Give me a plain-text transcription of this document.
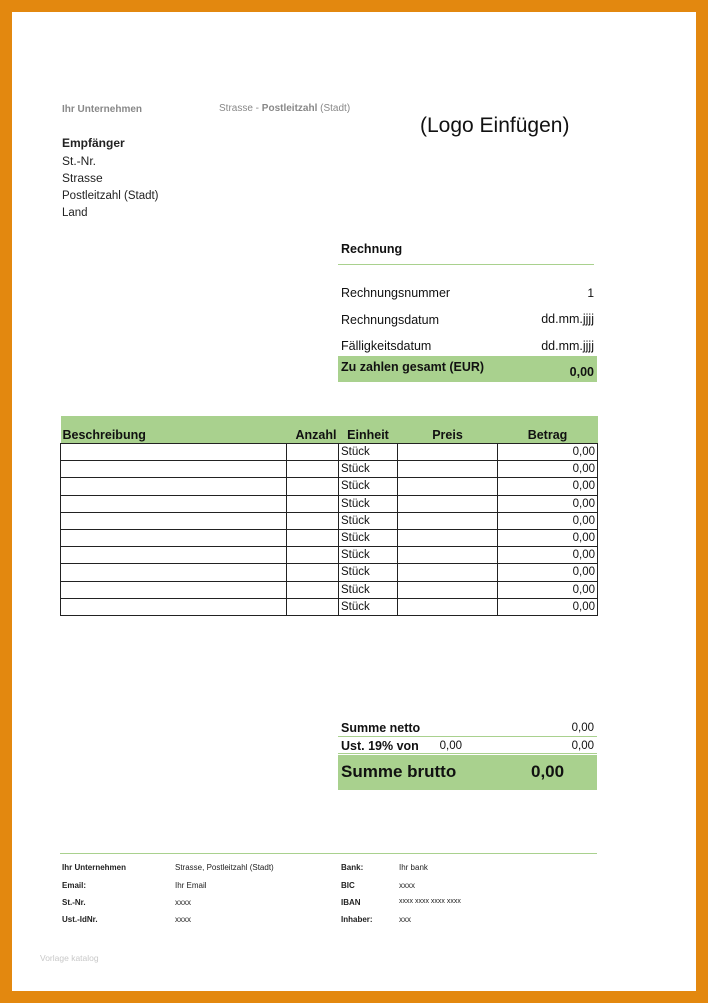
Ihr Unternehmen	Strasse - Postleitzahl (Stadt)
(Logo Einfügen)
Empfänger
St.-Nr.
Strasse
Postleitzahl (Stadt)
Land
Rechnung
Rechnungsnummer	1
Rechnungsdatum	dd.mm.jjjj
Fälligkeitsdatum	dd.mm.jjjj
Zu zahlen gesamt (EUR)	0,00
Beschreibung	Anzahl	Einheit	Preis	Betrag
		Stück		0,00
		Stück		0,00
		Stück		0,00
		Stück		0,00
		Stück		0,00
		Stück		0,00
		Stück		0,00
		Stück		0,00
		Stück		0,00
		Stück		0,00
Summe netto	0,00
Ust. 19% von	0,00	0,00
Summe brutto	0,00
Ihr Unternehmen	Strasse, Postleitzahl (Stadt)	Bank:	Ihr bank
Email:	Ihr Email	BIC	xxxx
St.-Nr.	xxxx	IBAN	xxxx xxxx xxxx xxxx
Ust.-IdNr.	xxxx	Inhaber:	xxx
Vorlage katalog
